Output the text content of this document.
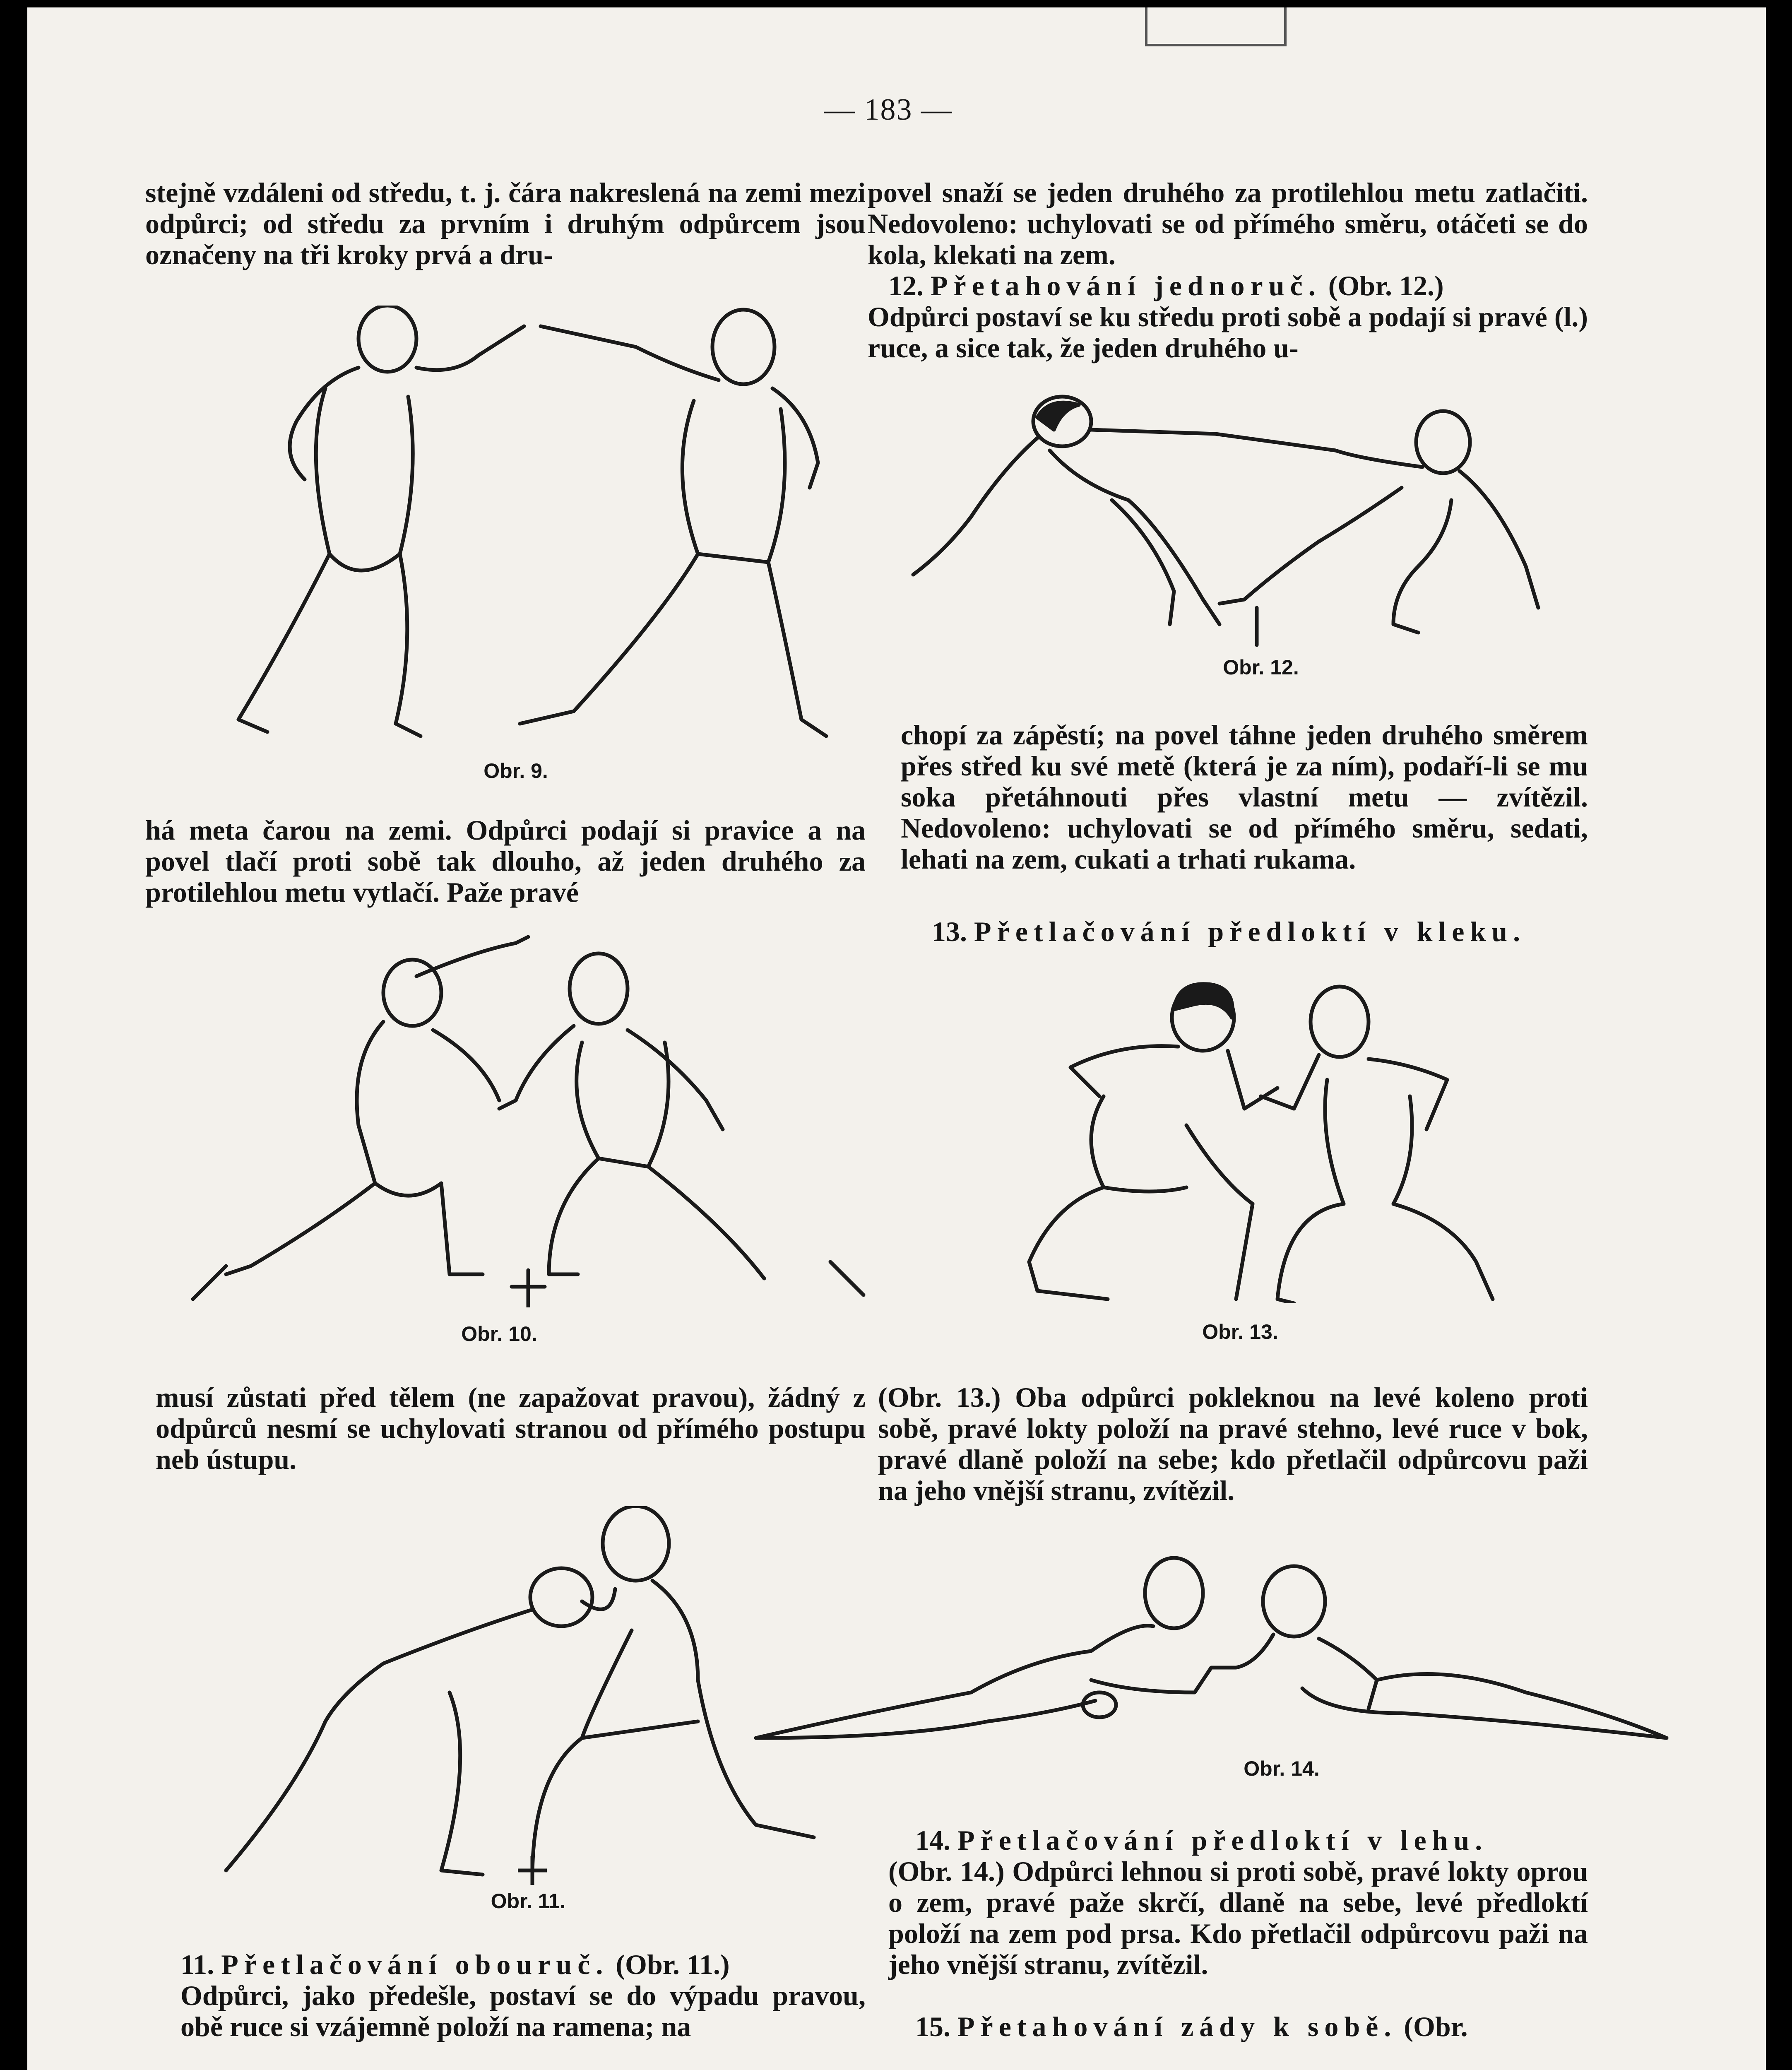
— 183 —

stejně vzdáleni od středu, t. j. čára nakreslená na zemi mezi odpůrci; od středu za prvním i druhým odpůrcem jsou označeny na tři kroky prvá a dru-

Obr. 9.

há meta čarou na zemi. Odpůrci podají si pravice a na povel tlačí proti sobě tak dlouho, až jeden druhého za protilehlou metu vytlačí. Paže pravé

Obr. 10.

musí zůstati před tělem (ne zapažovat pravou), žádný z odpůrců nesmí se uchylovati stranou od přímého postupu neb ústupu.

Obr. 11.
11. Přetlačování obouruč. (Obr. 11.)

Odpůrci, jako předešle, postaví se do výpadu pravou, obě ruce si vzájemně položí na ramena; na

povel snaží se jeden druhého za protilehlou metu zatlačiti. Nedovoleno: uchylovati se od přímého směru, otáčeti se do kola, klekati na zem.

12. Přetahování jednoruč. (Obr. 12.)

Odpůrci postaví se ku středu proti sobě a podají si pravé (l.) ruce, a sice tak, že jeden druhého u-

Obr. 12.

chopí za zápěstí; na povel táhne jeden druhého směrem přes střed ku své metě (která je za ním), podaří-li se mu soka přetáhnouti přes vlastní metu — zvítězil. Nedovoleno: uchylovati se od přímého směru, sedati, lehati na zem, cukati a trhati rukama.

13. Přetlačování předloktí v kleku.
Obr. 13.

(Obr. 13.) Oba odpůrci pokleknou na levé koleno proti sobě, pravé lokty položí na pravé stehno, levé ruce v bok, pravé dlaně položí na sebe; kdo přetlačil odpůrcovu paži na jeho vnější stranu, zvítězil.

Obr. 14.
14. Přetlačování předloktí v lehu.

(Obr. 14.) Odpůrci lehnou si proti sobě, pravé lokty oprou o zem, pravé paže skrčí, dlaně na sebe, levé předloktí položí na zem pod prsa. Kdo přetlačil odpůrcovu paži na jeho vnější stranu, zvítězil.

15. Přetahování zády k sobě. (Obr.
